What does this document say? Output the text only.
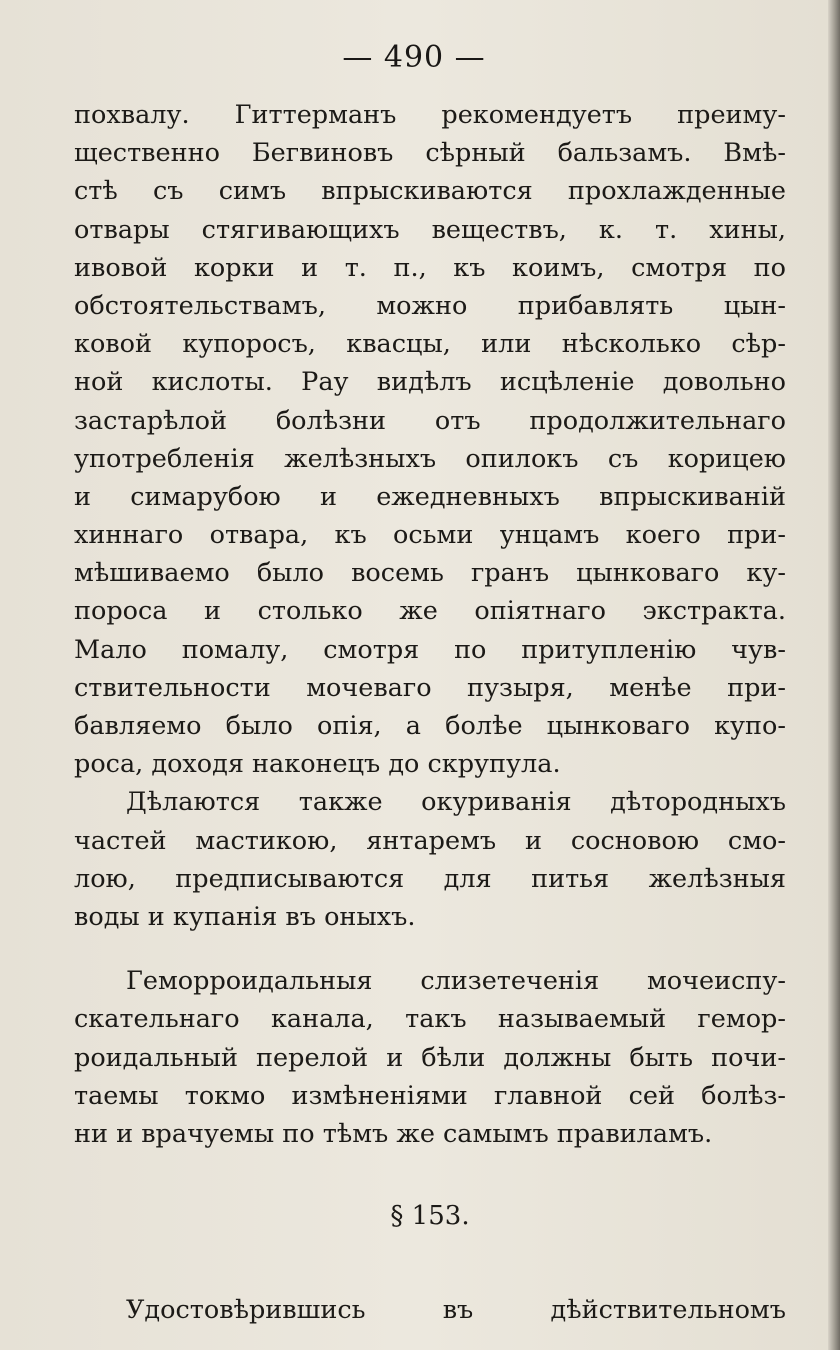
— 490 —
похвалу. Гиттерманъ рекомендуетъ преиму-
щественно Бегвиновъ сѣрный бальзамъ. Вмѣ-
стѣ съ симъ впрыскиваются прохлажденные
отвары стягивающихъ веществъ, к. т. хины,
ивовой корки и т. п., къ коимъ, смотря по
обстоятельствамъ, можно прибавлять цын-
ковой купоросъ, квасцы, или нѣсколько сѣр-
ной кислоты. Рау видѣлъ исцѣленіе довольно
застарѣлой болѣзни отъ продолжительнаго
употребленія желѣзныхъ опилокъ съ корицею
и симарубою и ежедневныхъ впрыскиваній
хиннаго отвара, къ осьми унцамъ коего при-
мѣшиваемо было восемь гранъ цынковаго ку-
пороса и столько же опіятнаго экстракта.
Мало помалу, смотря по притупленію чув-
ствительности мочеваго пузыря, менѣе при-
бавляемо было опія, а болѣе цынковаго купо-
роса, доходя наконецъ до скрупула.
Дѣлаются также окуриванія дѣтородныхъ
частей мастикою, янтаремъ и сосновою смо-
лою, предписываются для питья желѣзныя
воды и купанія въ оныхъ.
Геморроидальныя слизетеченія мочеиспу-
скательнаго канала, такъ называемый гемор-
роидальный перелой и бѣли должны быть почи-
таемы токмо измѣненіями главной сей болѣз-
ни и врачуемы по тѣмъ же самымъ правиламъ.
§ 153.
Удостовѣрившись въ дѣйствительномъ
